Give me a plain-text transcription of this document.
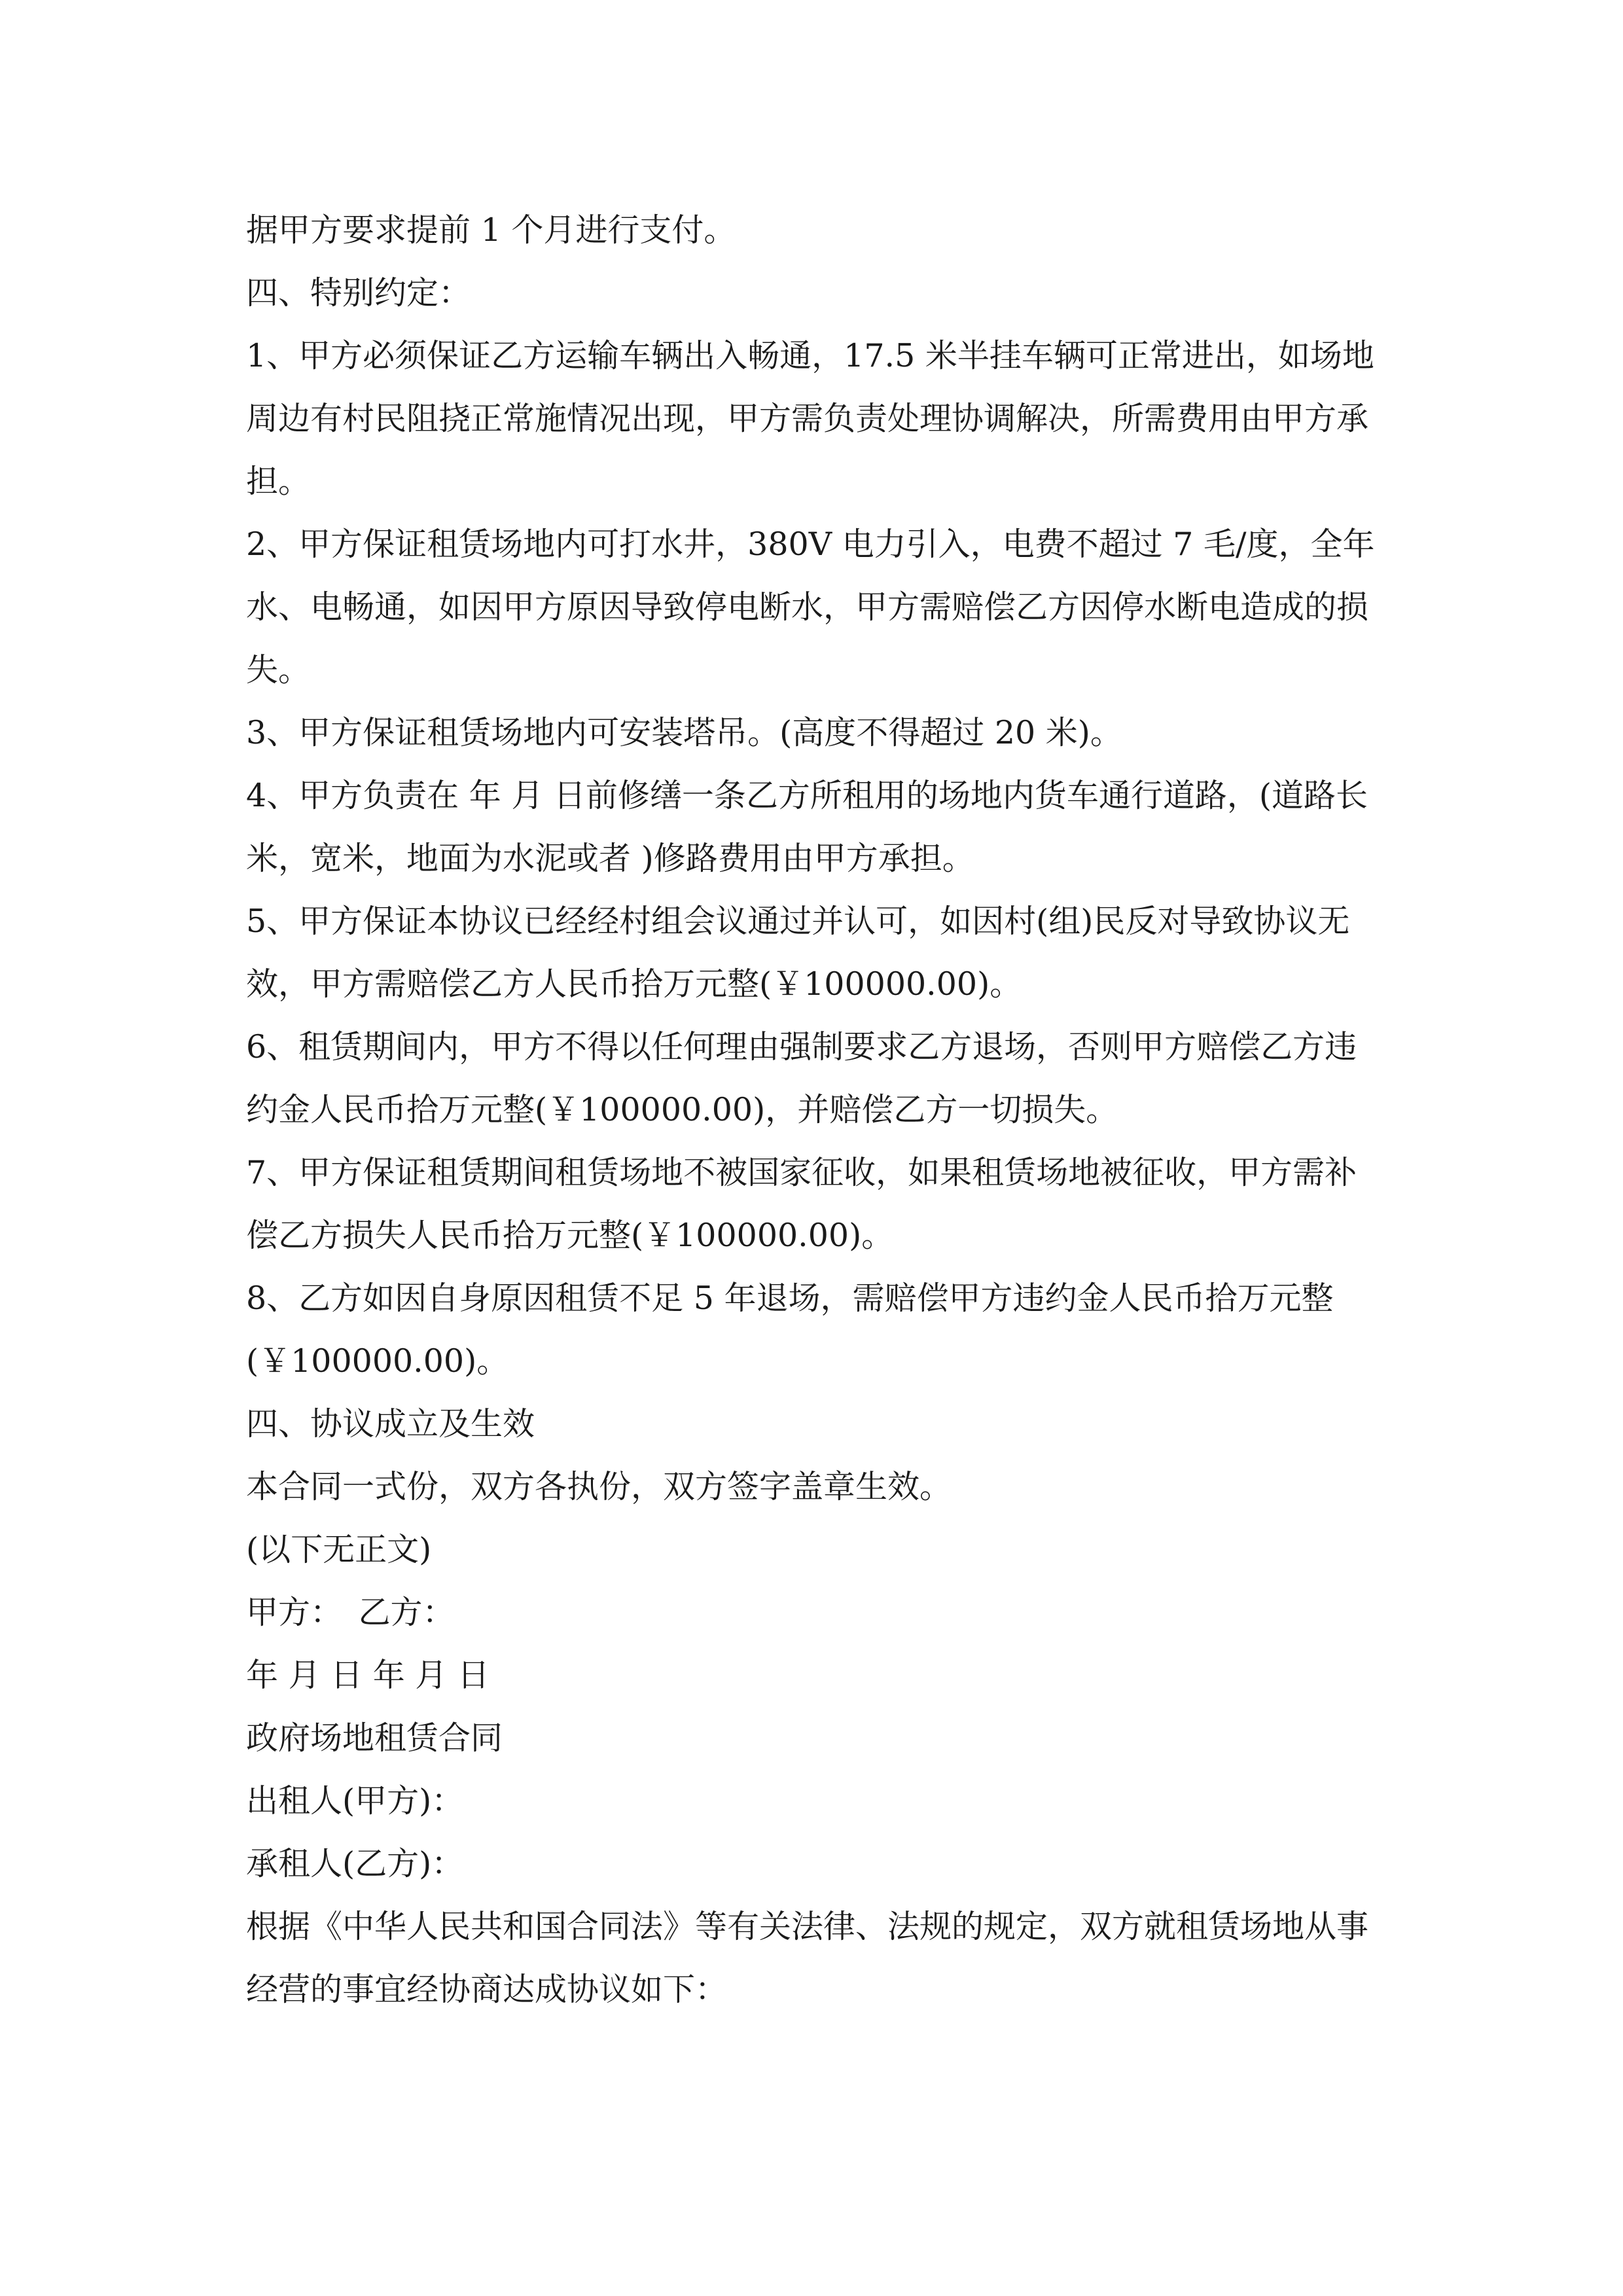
据甲方要求提前 1 个月进行支付。

四、特别约定：

1、甲方必须保证乙方运输车辆出入畅通，17.5 米半挂车辆可正常进出，如场地

周边有村民阻挠正常施情况出现，甲方需负责处理协调解决，所需费用由甲方承

担。

2、甲方保证租赁场地内可打水井，380V 电力引入，电费不超过 7 毛/度，全年

水、电畅通，如因甲方原因导致停电断水，甲方需赔偿乙方因停水断电造成的损

失。

3、甲方保证租赁场地内可安装塔吊。(高度不得超过 20 米)。

4、甲方负责在 年 月 日前修缮一条乙方所租用的场地内货车通行道路，(道路长

米，宽米，地面为水泥或者 )修路费用由甲方承担。

5、甲方保证本协议已经经村组会议通过并认可，如因村(组)民反对导致协议无

效，甲方需赔偿乙方人民币拾万元整(￥100000.00)。

6、租赁期间内，甲方不得以任何理由强制要求乙方退场，否则甲方赔偿乙方违

约金人民币拾万元整(￥100000.00)，并赔偿乙方一切损失。

7、甲方保证租赁期间租赁场地不被国家征收，如果租赁场地被征收，甲方需补

偿乙方损失人民币拾万元整(￥100000.00)。

8、乙方如因自身原因租赁不足 5 年退场，需赔偿甲方违约金人民币拾万元整

(￥100000.00)。

四、协议成立及生效

本合同一式份，双方各执份，双方签字盖章生效。

(以下无正文)

甲方：　乙方：

年 月 日 年 月 日

政府场地租赁合同

出租人(甲方)：

承租人(乙方)：

根据《中华人民共和国合同法》等有关法律、法规的规定，双方就租赁场地从事

经营的事宜经协商达成协议如下：
